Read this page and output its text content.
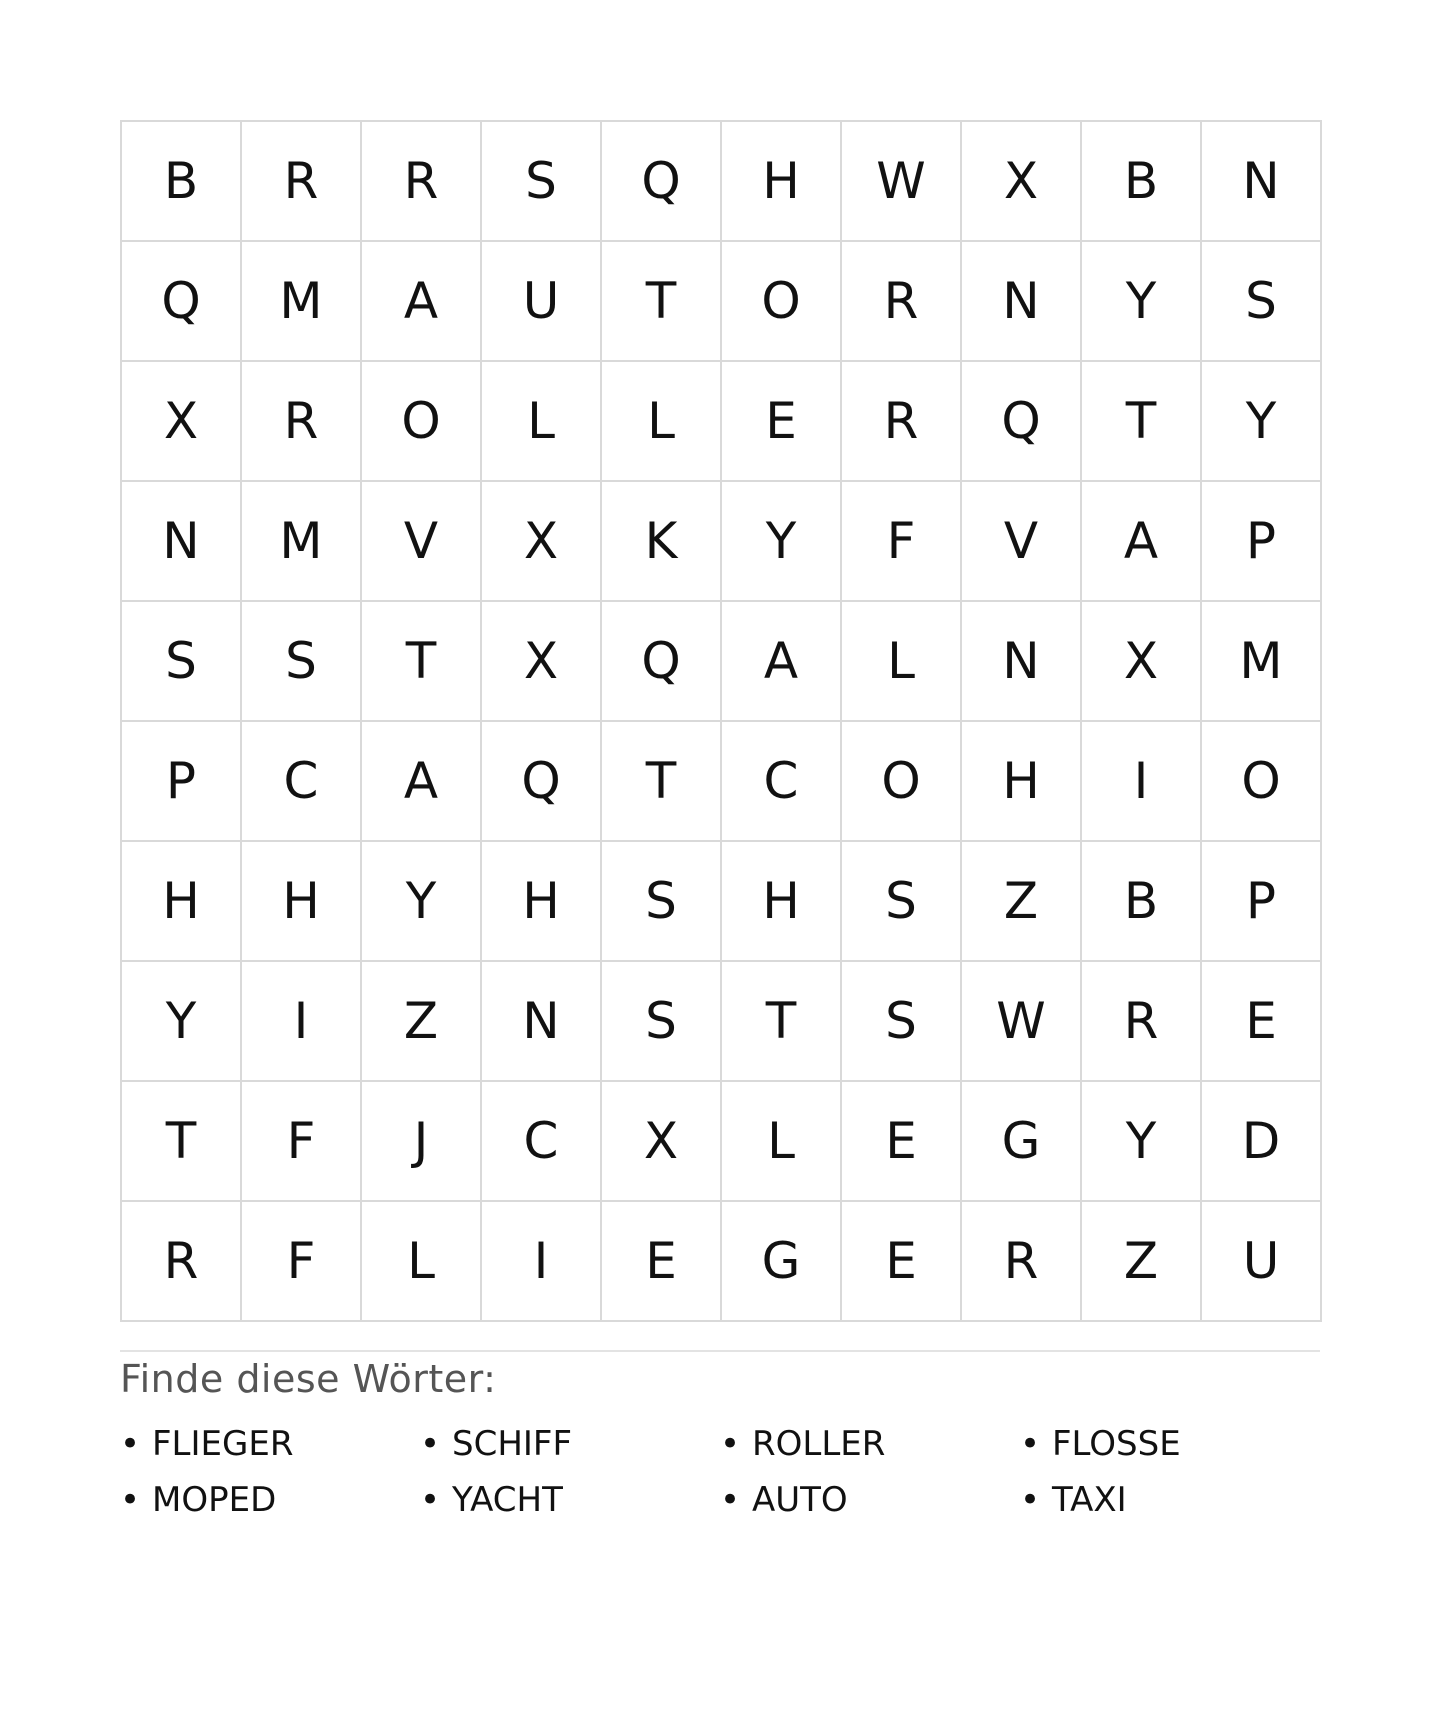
B	R	R	S	Q	H	W	X	B	N
Q	M	A	U	T	O	R	N	Y	S
X	R	O	L	L	E	R	Q	T	Y
N	M	V	X	K	Y	F	V	A	P
S	S	T	X	Q	A	L	N	X	M
P	C	A	Q	T	C	O	H	I	O
H	H	Y	H	S	H	S	Z	B	P
Y	I	Z	N	S	T	S	W	R	E
T	F	J	C	X	L	E	G	Y	D
R	F	L	I	E	G	E	R	Z	U
Finde diese Wörter:
• FLIEGER	• SCHIFF	• ROLLER	• FLOSSE
• MOPED	• YACHT	• AUTO	• TAXI
